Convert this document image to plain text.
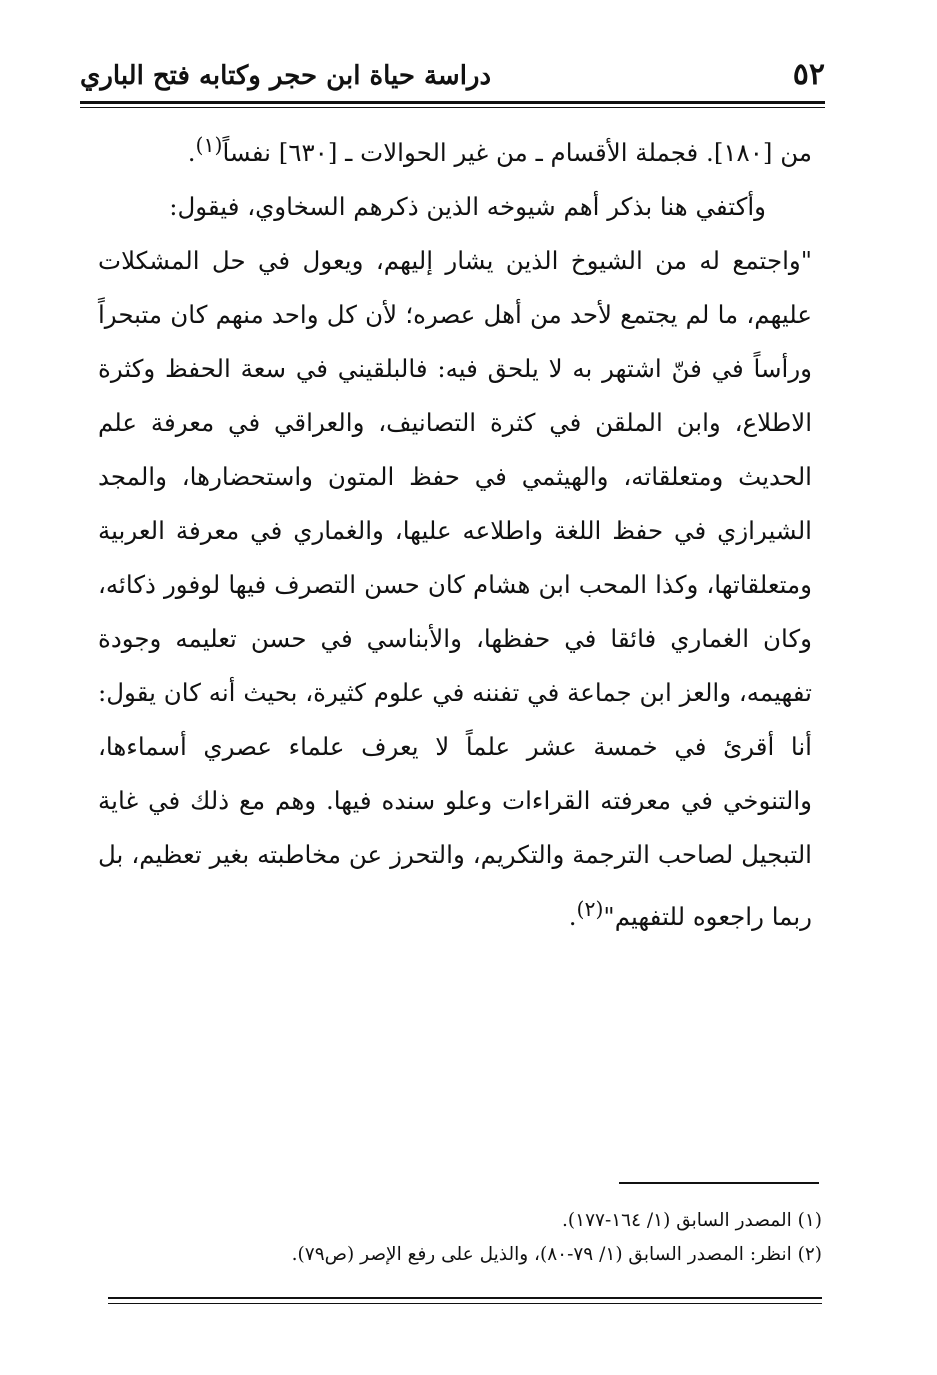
٥٢
دراسة حياة ابن حجر وكتابه فتح الباري

من [١٨٠]. فجملة الأقسام ـ من غير الحوالات ـ [٦٣٠] نفساً$^{(١)}$.

وأكتفي هنا بذكر أهم شيوخه الذين ذكرهم السخاوي، فيقول:

"واجتمع له من الشيوخ الذين يشار إليهم، ويعول في حل المشكلات عليهم، ما لم يجتمع لأحد من أهل عصره؛ لأن كل واحد منهم كان متبحراً ورأساً في فنّ اشتهر به لا يلحق فيه: فالبلقيني في سعة الحفظ وكثرة الاطلاع، وابن الملقن في كثرة التصانيف، والعراقي في معرفة علم الحديث ومتعلقاته، والهيثمي في حفظ المتون واستحضارها، والمجد الشيرازي في حفظ اللغة واطلاعه عليها، والغماري في معرفة العربية ومتعلقاتها، وكذا المحب ابن هشام كان حسن التصرف فيها لوفور ذكائه، وكان الغماري فائقا في حفظها، والأبناسي في حسن تعليمه وجودة تفهيمه، والعز ابن جماعة في تفننه في علوم كثيرة، بحيث أنه كان يقول: أنا أقرئ في خمسة عشر علماً لا يعرف علماء عصري أسماءها، والتنوخي في معرفته القراءات وعلو سنده فيها. وهم مع ذلك في غاية التبجيل لصاحب الترجمة والتكريم، والتحرز عن مخاطبته بغير تعظيم، بل ربما راجعوه للتفهيم"$^{(٢)}$.

(١) المصدر السابق (١/ ١٦٤-١٧٧).

(٢) انظر: المصدر السابق (١/ ٧٩-٨٠)، والذيل على رفع الإصر (ص٧٩).
